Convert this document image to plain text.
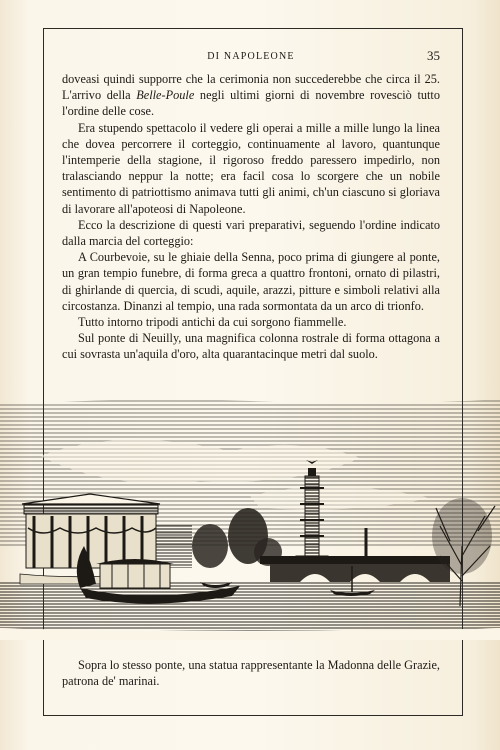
DI NAPOLEONE	35

doveasi quindi supporre che la cerimonia non succederebbe che circa il 25. L'arrivo della Belle-Poule negli ultimi giorni di novembre rovesciò tutto l'ordine delle cose.

Era stupendo spettacolo il vedere gli operai a mille a mille lungo la linea che dovea percorrere il corteggio, continuamente al lavoro, quantunque l'intemperie della stagione, il rigoroso freddo paressero impedirlo, non tralasciando neppur la notte; era facil cosa lo scorgere che un nobile sentimento di patriottismo animava tutti gli animi, ch'un ciascuno si gloriava di lavorare all'apoteosi di Napoleone.

Ecco la descrizione di questi vari preparativi, seguendo l'ordine indicato dalla marcia del corteggio:

A Courbevoie, su le ghiaie della Senna, poco prima di giungere al ponte, un gran tempio funebre, di forma greca a quattro frontoni, ornato di pilastri, di ghirlande di quercia, di scudi, aquile, arazzi, pitture e simboli relativi alla circostanza. Dinanzi al tempio, una rada sormontata da un arco di trionfo.

Tutto intorno tripodi antichi da cui sorgono fiammelle.

Sul ponte di Neuilly, una magnifica colonna rostrale di forma ottagona a cui sovrasta un'aquila d'oro, alta quarantacinque metri dal suolo.

Sopra lo stesso ponte, una statua rappresentante la Madonna delle Grazie, patrona de' marinai.
